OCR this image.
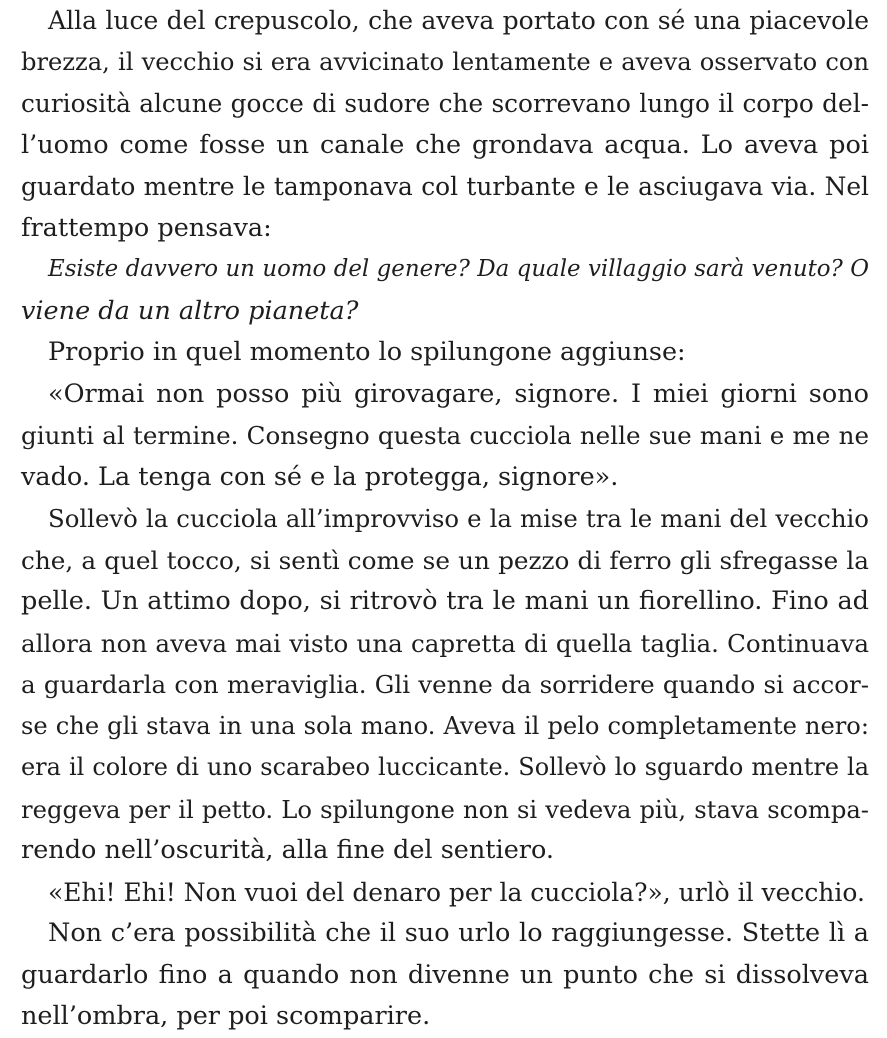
Alla luce del crepuscolo, che aveva portato con sé una piacevole
brezza, il vecchio si era avvicinato lentamente e aveva osservato con
curiosità alcune gocce di sudore che scorrevano lungo il corpo del-
l’uomo come fosse un canale che grondava acqua. Lo aveva poi
guardato mentre le tamponava col turbante e le asciugava via. Nel
frattempo pensava:
Esiste davvero un uomo del genere? Da quale villaggio sarà venuto? O
viene da un altro pianeta?
Proprio in quel momento lo spilungone aggiunse:
«Ormai non posso più girovagare, signore. I miei giorni sono
giunti al termine. Consegno questa cucciola nelle sue mani e me ne
vado. La tenga con sé e la protegga, signore».
Sollevò la cucciola all’improvviso e la mise tra le mani del vecchio
che, a quel tocco, si sentì come se un pezzo di ferro gli sfregasse la
pelle. Un attimo dopo, si ritrovò tra le mani un fiorellino. Fino ad
allora non aveva mai visto una capretta di quella taglia. Continuava
a guardarla con meraviglia. Gli venne da sorridere quando si accor-
se che gli stava in una sola mano. Aveva il pelo completamente nero:
era il colore di uno scarabeo luccicante. Sollevò lo sguardo mentre la
reggeva per il petto. Lo spilungone non si vedeva più, stava scompa-
rendo nell’oscurità, alla fine del sentiero.
«Ehi! Ehi! Non vuoi del denaro per la cucciola?», urlò il vecchio.
Non c’era possibilità che il suo urlo lo raggiungesse. Stette lì a
guardarlo fino a quando non divenne un punto che si dissolveva
nell’ombra, per poi scomparire.
